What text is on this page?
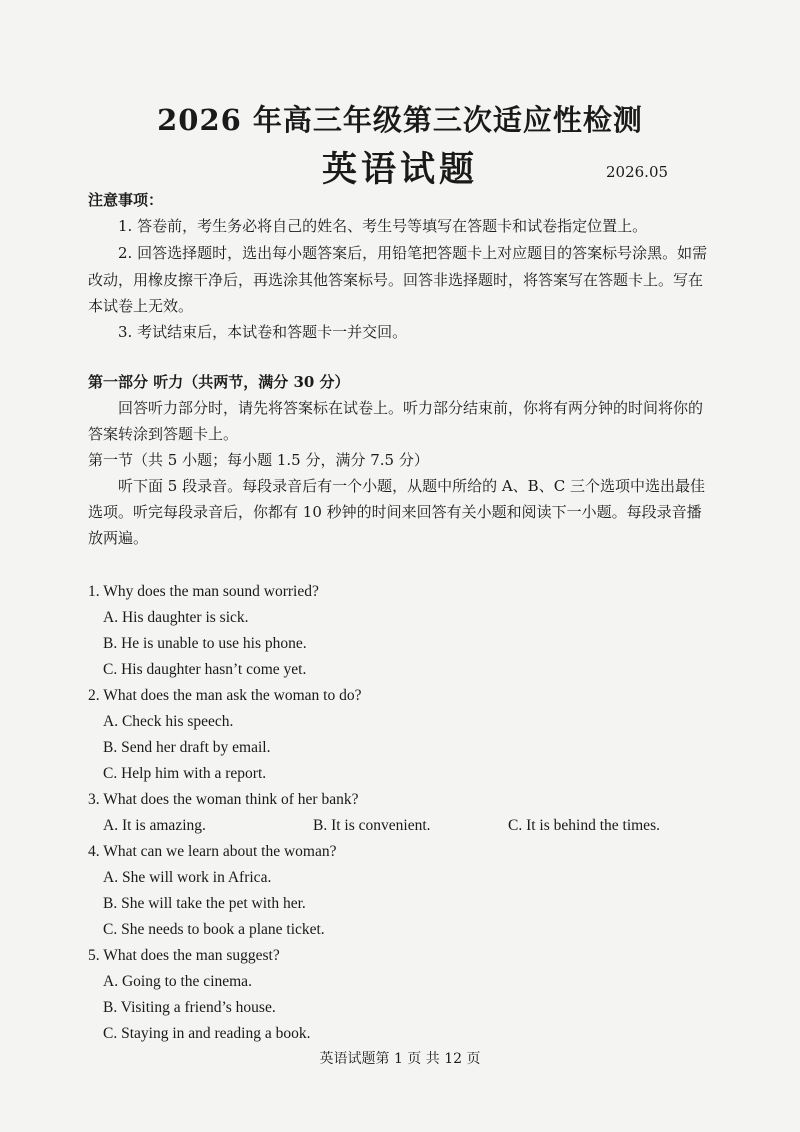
2026 年高三年级第三次适应性检测
英语试题	2026.05
注意事项：
1. 答卷前，考生务必将自己的姓名、考生号等填写在答题卡和试卷指定位置上。
2. 回答选择题时，选出每小题答案后，用铅笔把答题卡上对应题目的答案标号涂黑。如需
改动，用橡皮擦干净后，再选涂其他答案标号。回答非选择题时，将答案写在答题卡上。写在
本试卷上无效。
3. 考试结束后，本试卷和答题卡一并交回。
第一部分 听力（共两节，满分 30 分）
回答听力部分时，请先将答案标在试卷上。听力部分结束前，你将有两分钟的时间将你的
答案转涂到答题卡上。
第一节（共 5 小题；每小题 1.5 分，满分 7.5 分）
听下面 5 段录音。每段录音后有一个小题，从题中所给的 A、B、C 三个选项中选出最佳
选项。听完每段录音后，你都有 10 秒钟的时间来回答有关小题和阅读下一小题。每段录音播
放两遍。
1. Why does the man sound worried?
A. His daughter is sick.
B. He is unable to use his phone.
C. His daughter hasn’t come yet.
2. What does the man ask the woman to do?
A. Check his speech.
B. Send her draft by email.
C. Help him with a report.
3. What does the woman think of her bank?
A. It is amazing.	B. It is convenient.	C. It is behind the times.
4. What can we learn about the woman?
A. She will work in Africa.
B. She will take the pet with her.
C. She needs to book a plane ticket.
5. What does the man suggest?
A. Going to the cinema.
B. Visiting a friend’s house.
C. Staying in and reading a book.
英语试题第 1 页 共 12 页
